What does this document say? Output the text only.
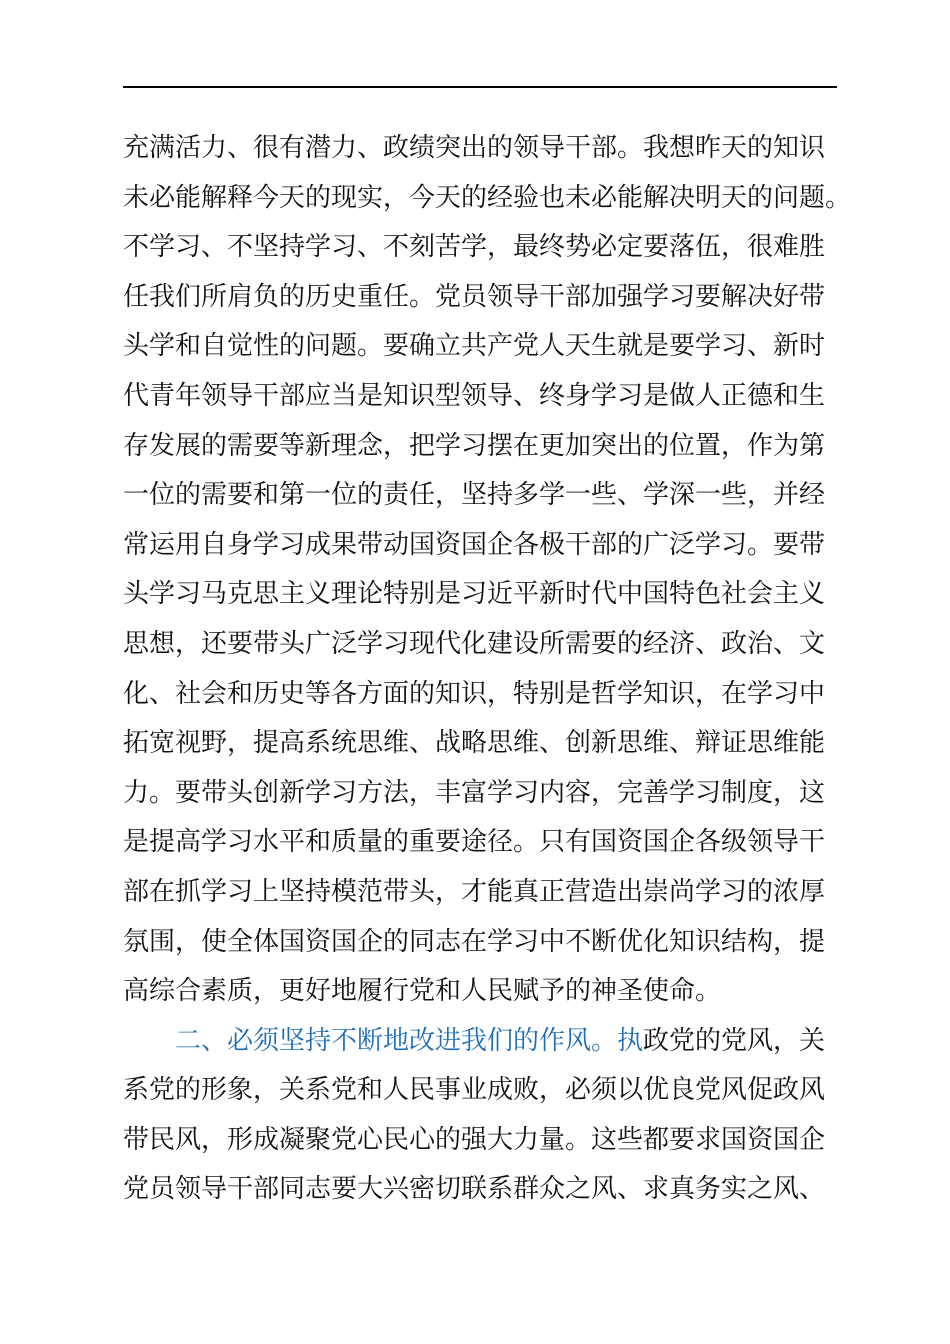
充满活力、很有潜力、政绩突出的领导干部。我想昨天的知识
未必能解释今天的现实，今天的经验也未必能解决明天的问题。
不学习、不坚持学习、不刻苦学，最终势必定要落伍，很难胜
任我们所肩负的历史重任。党员领导干部加强学习要解决好带
头学和自觉性的问题。要确立共产党人天生就是要学习、新时
代青年领导干部应当是知识型领导、终身学习是做人正德和生
存发展的需要等新理念，把学习摆在更加突出的位置，作为第
一位的需要和第一位的责任，坚持多学一些、学深一些，并经
常运用自身学习成果带动国资国企各极干部的广泛学习。要带
头学习马克思主义理论特别是习近平新时代中国特色社会主义
思想，还要带头广泛学习现代化建设所需要的经济、政治、文
化、社会和历史等各方面的知识，特别是哲学知识，在学习中
拓宽视野，提高系统思维、战略思维、创新思维、辩证思维能
力。要带头创新学习方法，丰富学习内容，完善学习制度，这
是提高学习水平和质量的重要途径。只有国资国企各级领导干
部在抓学习上坚持模范带头，才能真正营造出崇尚学习的浓厚
氛围，使全体国资国企的同志在学习中不断优化知识结构，提
高综合素质，更好地履行党和人民赋予的神圣使命。
二、必须坚持不断地改进我们的作风。执政党的党风，关
系党的形象，关系党和人民事业成败，必须以优良党风促政风
带民风，形成凝聚党心民心的强大力量。这些都要求国资国企
党员领导干部同志要大兴密切联系群众之风、求真务实之风、
